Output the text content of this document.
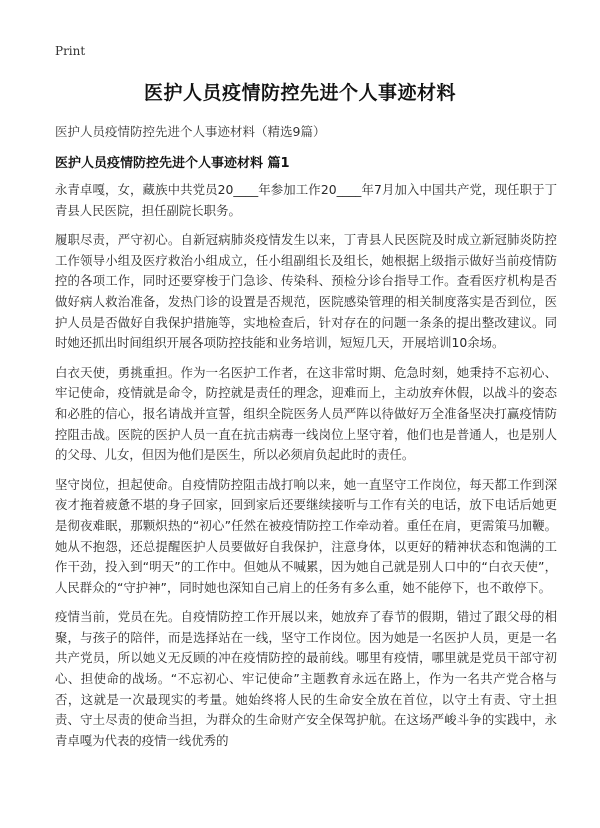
Print
医护人员疫情防控先进个人事迹材料
医护人员疫情防控先进个人事迹材料（精选9篇）
医护人员疫情防控先进个人事迹材料 篇1

永青卓嘎，女，藏族中共党员20____年参加工作20____年7月加入中国共产党，现任职于丁青县人民医院，担任副院长职务。

履职尽责，严守初心。自新冠病肺炎疫情发生以来，丁青县人民医院及时成立新冠肺炎防控工作领导小组及医疗救治小组成立，任小组副组长及组长，她根据上级指示做好当前疫情防控的各项工作，同时还要穿梭于门急诊、传染科、预检分诊台指导工作。查看医疗机构是否做好病人救治准备，发热门诊的设置是否规范，医院感染管理的相关制度落实是否到位，医护人员是否做好自我保护措施等，实地检查后，针对存在的问题一条条的提出整改建议。同时她还抓出时间组织开展各项防控技能和业务培训，短短几天，开展培训10余场。

白衣天使，勇挑重担。作为一名医护工作者，在这非常时期、危急时刻，她秉持不忘初心、牢记使命，疫情就是命令，防控就是责任的理念，迎难而上，主动放弃休假，以战斗的姿态和必胜的信心，报名请战并宣誓，组织全院医务人员严阵以待做好万全准备坚决打赢疫情防控阻击战。医院的医护人员一直在抗击病毒一线岗位上坚守着，他们也是普通人，也是别人的父母、儿女，但因为他们是医生，所以必须肩负起此时的责任。

坚守岗位，担起使命。自疫情防控阻击战打响以来，她一直坚守工作岗位，每天都工作到深夜才拖着疲惫不堪的身子回家，回到家后还要继续接听与工作有关的电话，放下电话后她更是彻夜难眠，那颗炽热的“初心”任然在被疫情防控工作牵动着。重任在肩，更需策马加鞭。她从不抱怨，还总提醒医护人员要做好自我保护，注意身体，以更好的精神状态和饱满的工作干劲，投入到“明天”的工作中。但她从不喊累，因为她自己就是别人口中的“白衣天使”，人民群众的“守护神”，同时她也深知自己肩上的任务有多么重，她不能停下，也不敢停下。

疫情当前，党员在先。自疫情防控工作开展以来，她放弃了春节的假期，错过了跟父母的相聚，与孩子的陪伴，而是选择站在一线，坚守工作岗位。因为她是一名医护人员，更是一名共产党员，所以她义无反顾的冲在疫情防控的最前线。哪里有疫情，哪里就是党员干部守初心、担使命的战场。“不忘初心、牢记使命”主题教育永远在路上，作为一名共产党合格与否，这就是一次最现实的考量。她始终将人民的生命安全放在首位，以守土有责、守土担责、守土尽责的使命当担，为群众的生命财产安全保驾护航。在这场严峻斗争的实践中，永青卓嘎为代表的疫情一线优秀的
